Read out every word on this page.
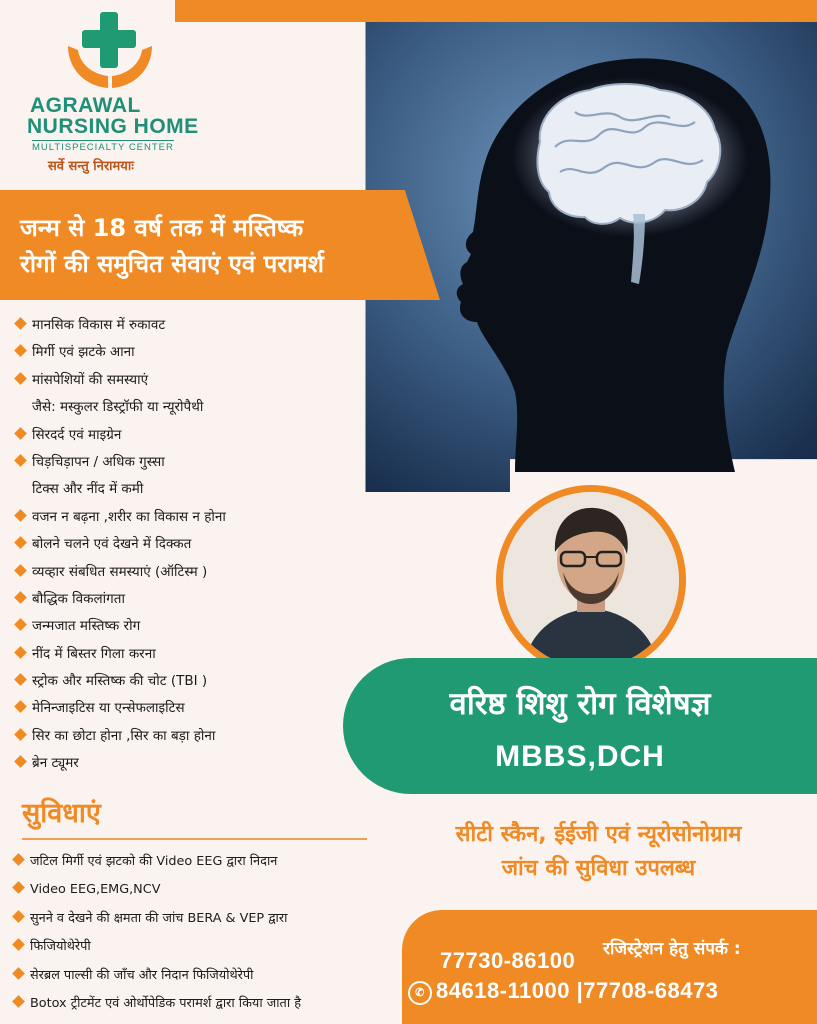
AGRAWAL
NURSING HOME
MULTISPECIALTY CENTER
सर्वे सन्तु निरामयाः
जन्म से 18 वर्ष तक में मस्तिष्क
रोगों की समुचित सेवाएं एवं परामर्श
मानसिक विकास में रुकावट
मिर्गी एवं झटके आना
मांसपेशियों की समस्याएं
जैसे: मस्कुलर डिस्ट्रॉफी या न्यूरोपैथी
सिरदर्द एवं माइग्रेन
चिड़चिड़ापन / अधिक गुस्सा
टिक्स और नींद में कमी
वजन न बढ़ना ,शरीर का विकास न होना
बोलने चलने एवं देखने में दिक्कत
व्यव्हार संबधित समस्याएं (ऑटिस्म )
बौद्धिक विकलांगता
जन्मजात मस्तिष्क रोग
नींद में बिस्तर गिला करना
स्ट्रोक और मस्तिष्क की चोट (TBI )
मेनिन्जाइटिस या एन्सेफलाइटिस
सिर का छोटा होना ,सिर का बड़ा होना
ब्रेन ट्यूमर
सुविधाएं
जटिल मिर्गी एवं झटको की Video EEG द्वारा निदान
Video EEG,EMG,NCV
सुनने व देखने की क्षमता की जांच BERA & VEP द्वारा
फिजियोथेरेपी
सेरब्रल पाल्सी की जाँच और निदान फिजियोथेरेपी
Botox ट्रीटमेंट एवं ओर्थोपेडिक परामर्श द्वारा किया जाता है
वरिष्ठ शिशु रोग विशेषज्ञ
MBBS,DCH
सीटी स्कैन, ईईजी एवं न्यूरोसोनोग्राम
जांच की सुविधा उपलब्ध
रजिस्ट्रेशन हेतु संपर्क :
77730-86100
✆ 84618-11000 |77708-68473
